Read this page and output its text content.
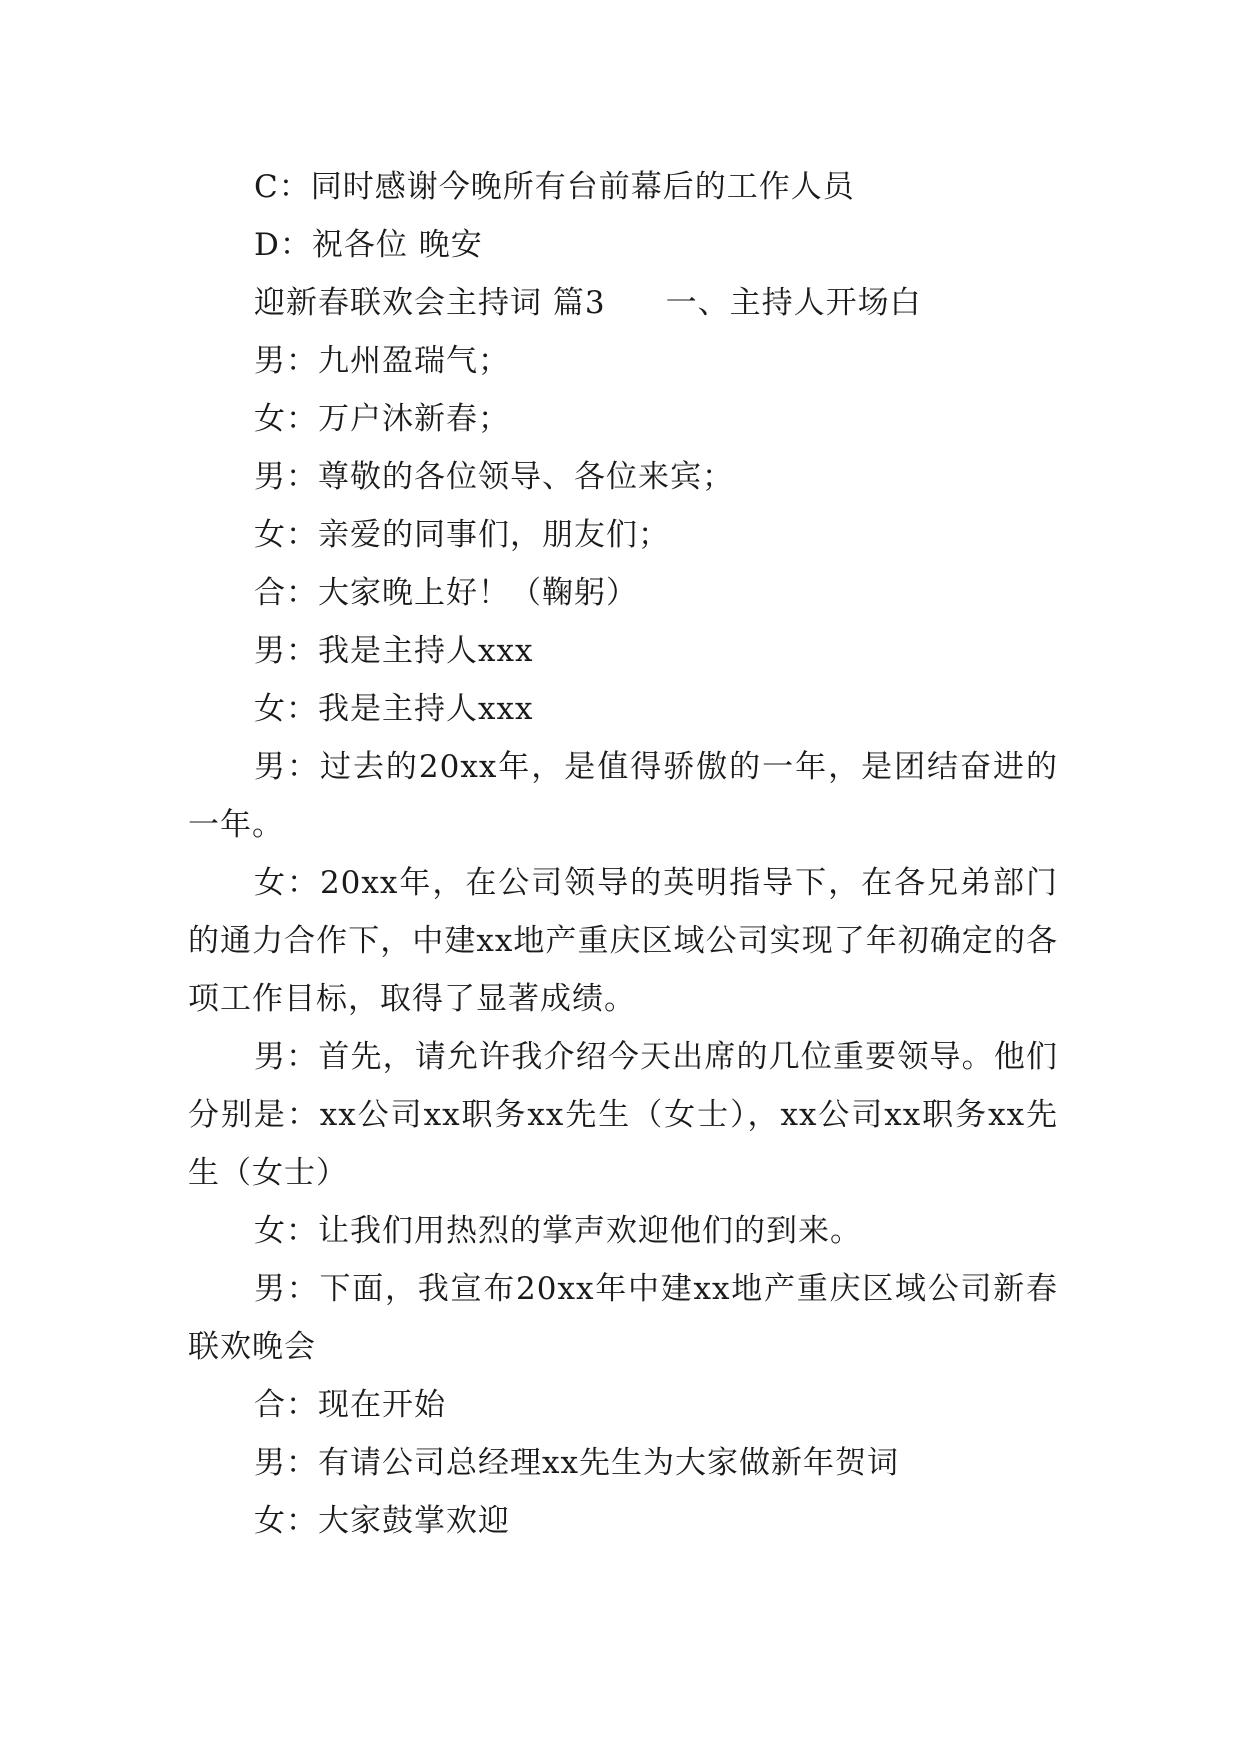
C：同时感谢今晚所有台前幕后的工作人员

D：祝各位 晚安

迎新春联欢会主持词 篇3 一、主持人开场白

男：九州盈瑞气；

女：万户沐新春；

男：尊敬的各位领导、各位来宾；

女：亲爱的同事们，朋友们；

合：大家晚上好！（鞠躬）

男：我是主持人xxx

女：我是主持人xxx

男：过去的20xx年，是值得骄傲的一年，是团结奋进的一年。

女：20xx年，在公司领导的英明指导下，在各兄弟部门的通力合作下，中建xx地产重庆区域公司实现了年初确定的各项工作目标，取得了显著成绩。

男：首先，请允许我介绍今天出席的几位重要领导。他们分别是：xx公司xx职务xx先生（女士），xx公司xx职务xx先生（女士）

女：让我们用热烈的掌声欢迎他们的到来。

男：下面，我宣布20xx年中建xx地产重庆区域公司新春联欢晚会

合：现在开始

男：有请公司总经理xx先生为大家做新年贺词

女：大家鼓掌欢迎
